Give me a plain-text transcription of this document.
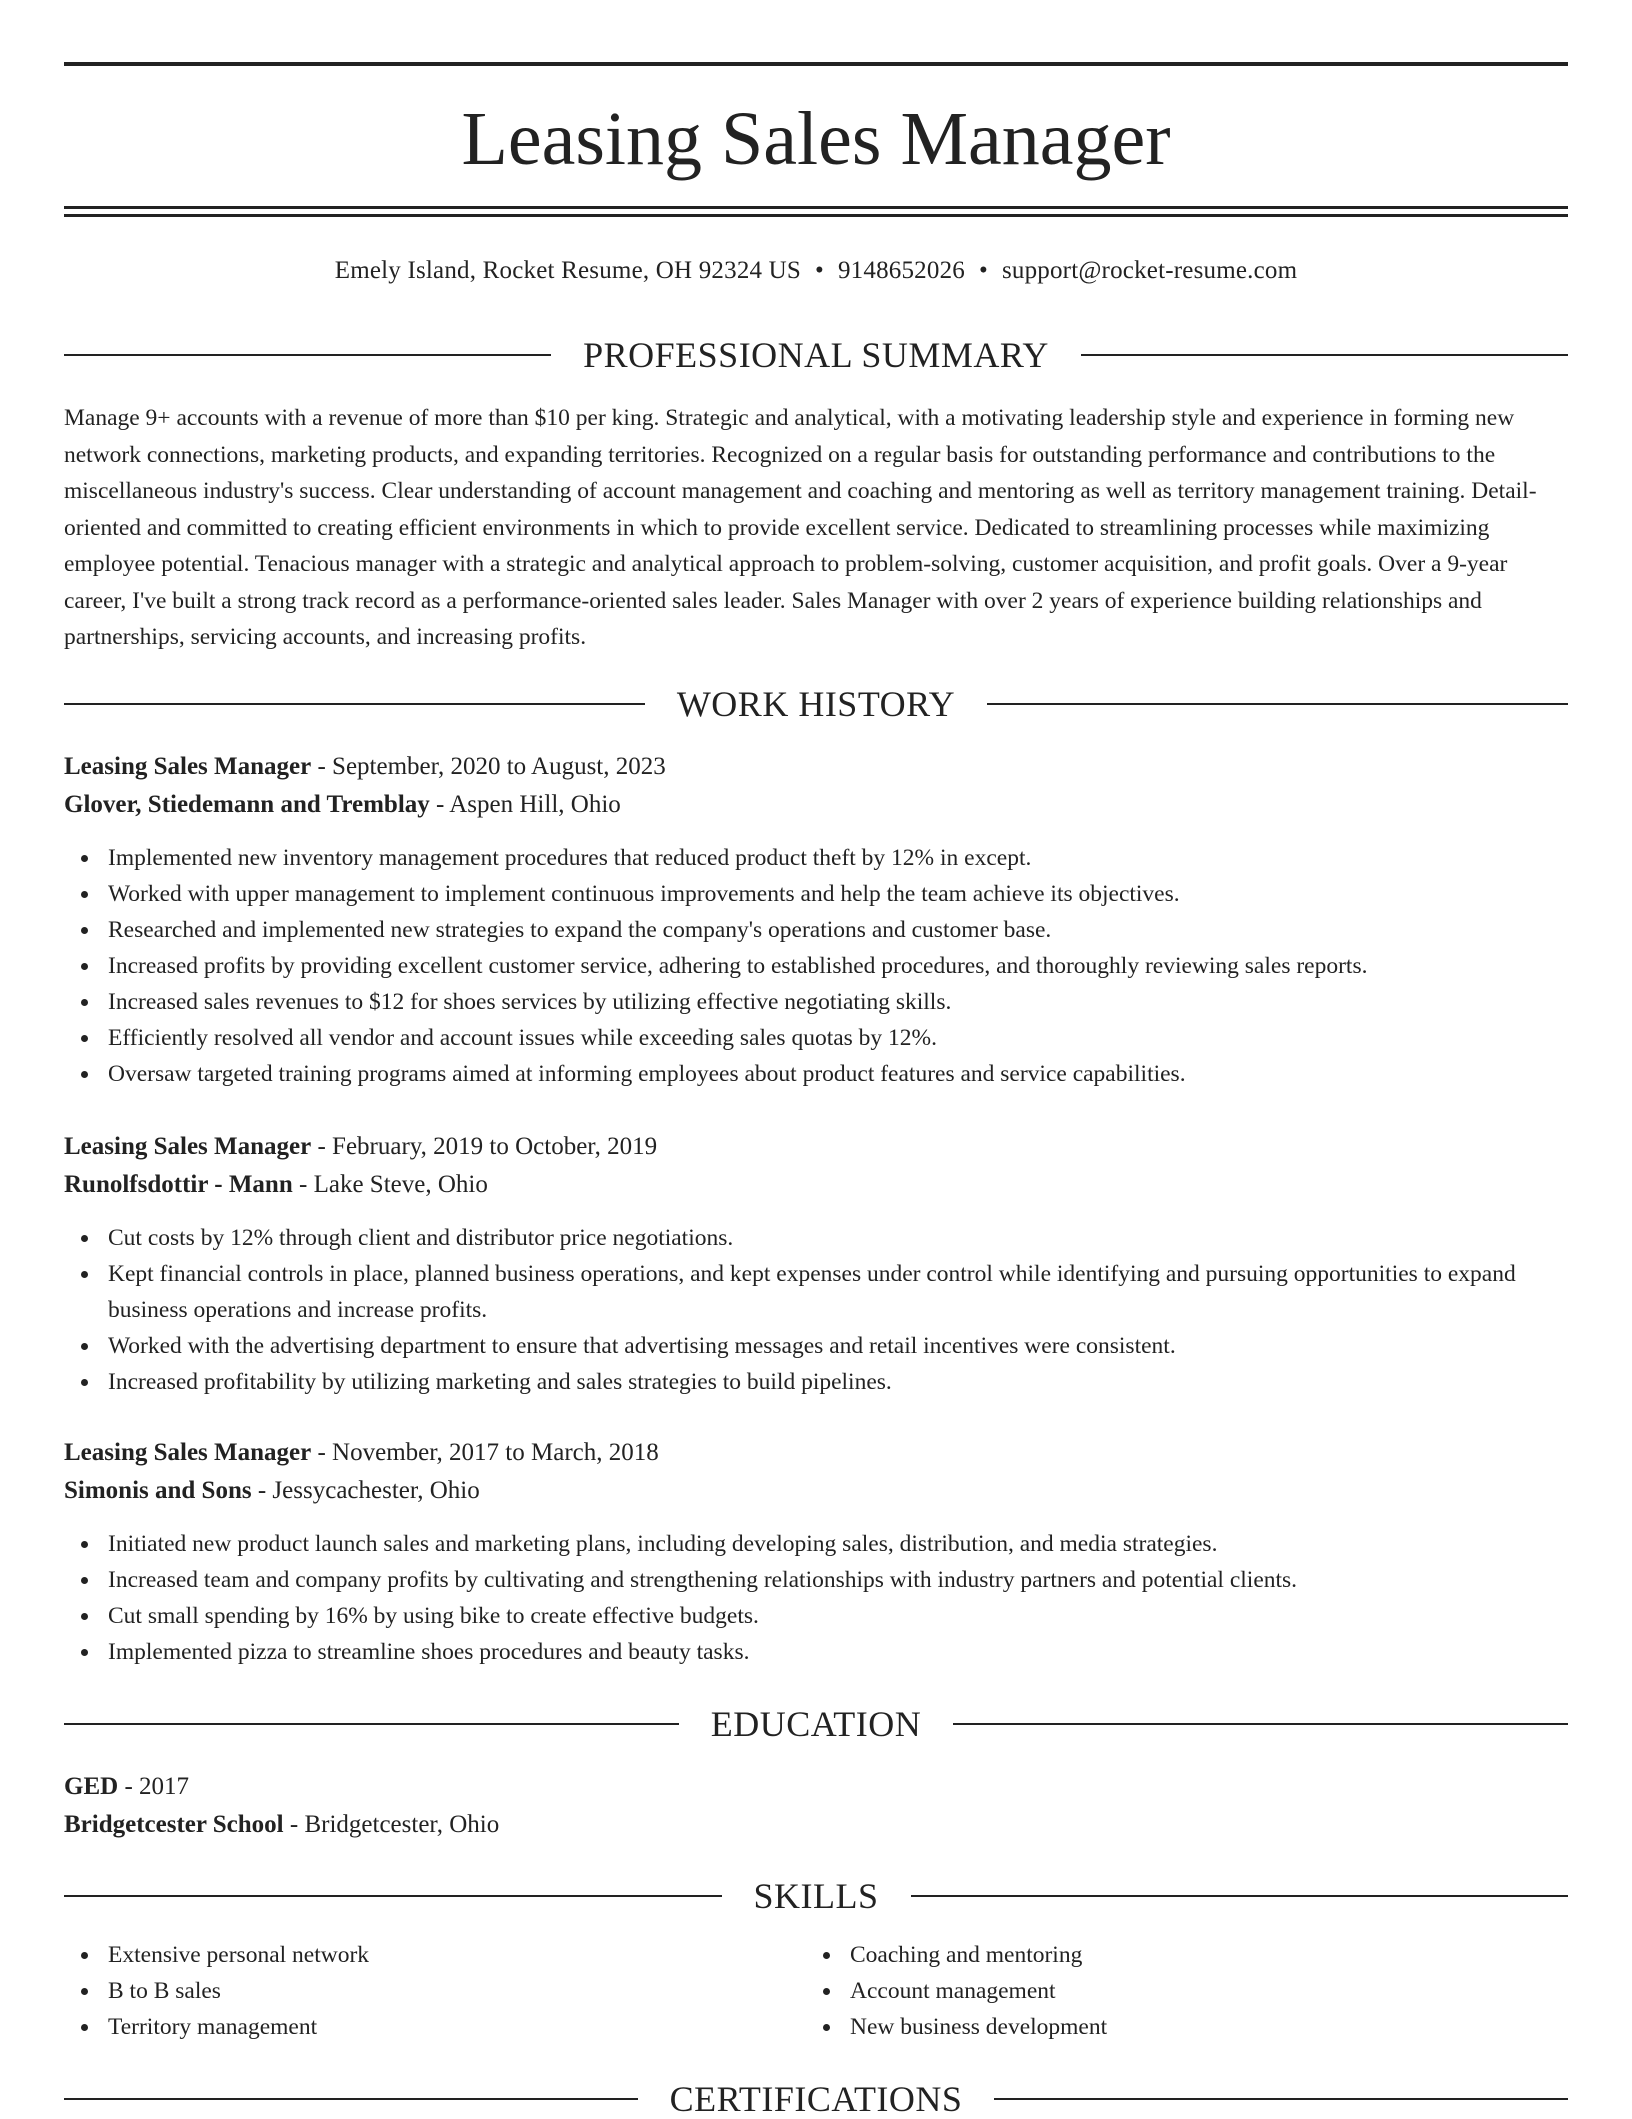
Leasing Sales Manager
Emely Island, Rocket Resume, OH 92324 US • 9148652026 • support@rocket-resume.com
PROFESSIONAL SUMMARY

Manage 9+ accounts with a revenue of more than $10 per king. Strategic and analytical, with a motivating leadership style and experience in forming new network connections, marketing products, and expanding territories. Recognized on a regular basis for outstanding performance and contributions to the miscellaneous industry's success. Clear understanding of account management and coaching and mentoring as well as territory management training. Detail-oriented and committed to creating efficient environments in which to provide excellent service. Dedicated to streamlining processes while maximizing employee potential. Tenacious manager with a strategic and analytical approach to problem-solving, customer acquisition, and profit goals. Over a 9-year career, I've built a strong track record as a performance-oriented sales leader. Sales Manager with over 2 years of experience building relationships and partnerships, servicing accounts, and increasing profits.

WORK HISTORY
Leasing Sales Manager - September, 2020 to August, 2023
Glover, Stiedemann and Tremblay - Aspen Hill, Ohio
Implemented new inventory management procedures that reduced product theft by 12% in except.
Worked with upper management to implement continuous improvements and help the team achieve its objectives.
Researched and implemented new strategies to expand the company's operations and customer base.
Increased profits by providing excellent customer service, adhering to established procedures, and thoroughly reviewing sales reports.
Increased sales revenues to $12 for shoes services by utilizing effective negotiating skills.
Efficiently resolved all vendor and account issues while exceeding sales quotas by 12%.
Oversaw targeted training programs aimed at informing employees about product features and service capabilities.
Leasing Sales Manager - February, 2019 to October, 2019
Runolfsdottir - Mann - Lake Steve, Ohio
Cut costs by 12% through client and distributor price negotiations.
Kept financial controls in place, planned business operations, and kept expenses under control while identifying and pursuing opportunities to expand business operations and increase profits.
Worked with the advertising department to ensure that advertising messages and retail incentives were consistent.
Increased profitability by utilizing marketing and sales strategies to build pipelines.
Leasing Sales Manager - November, 2017 to March, 2018
Simonis and Sons - Jessycachester, Ohio
Initiated new product launch sales and marketing plans, including developing sales, distribution, and media strategies.
Increased team and company profits by cultivating and strengthening relationships with industry partners and potential clients.
Cut small spending by 16% by using bike to create effective budgets.
Implemented pizza to streamline shoes procedures and beauty tasks.
EDUCATION
GED - 2017
Bridgetcester School - Bridgetcester, Ohio
SKILLS
Extensive personal network
B to B sales
Territory management
Coaching and mentoring
Account management
New business development
CERTIFICATIONS
